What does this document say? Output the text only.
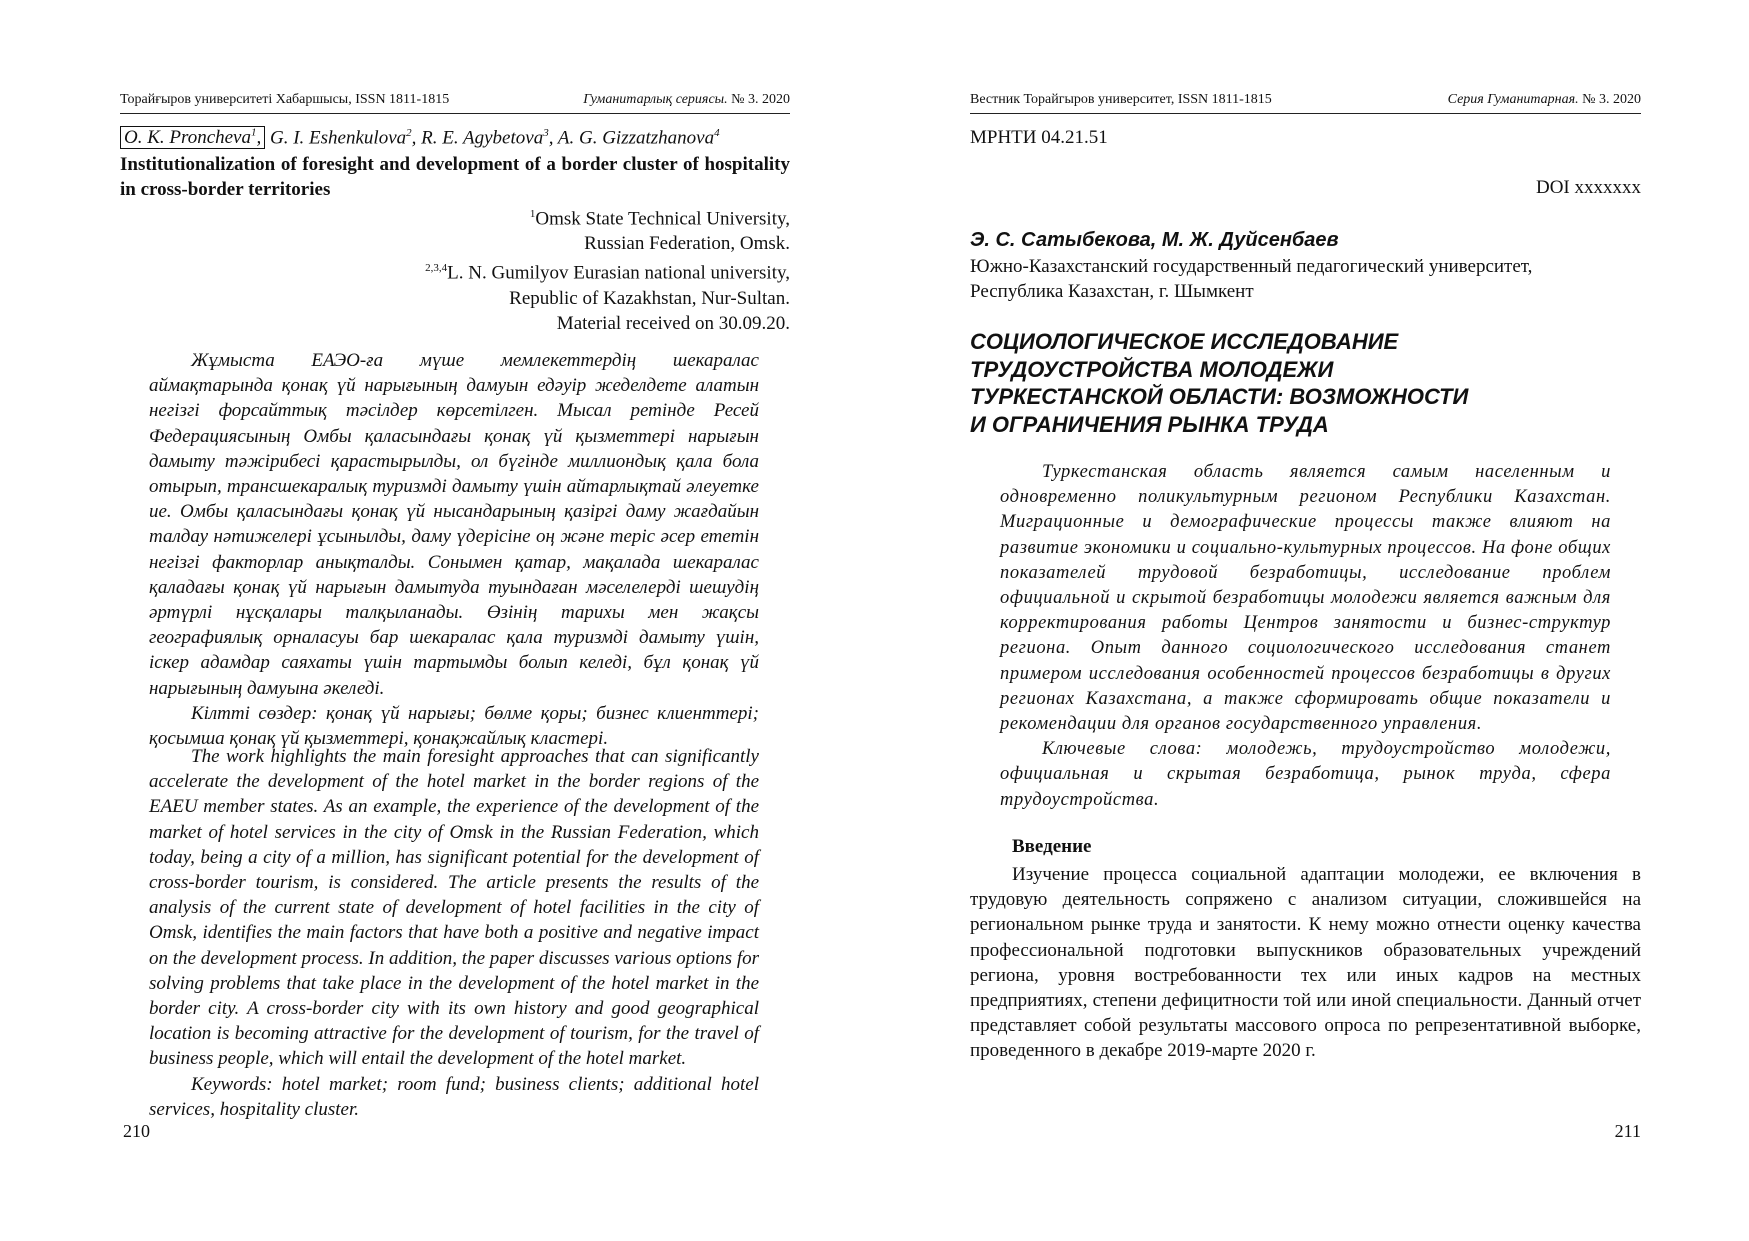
Торайғыров университеті Хабаршысы, ISSN 1811-1815	Гуманитарлық сериясы. № 3. 2020
O. K. Proncheva$^1$, G. I. Eshenkulova$^2$, R. E. Agybetova$^3$, A. G. Gizzatzhanova$^4$
Institutionalization of foresight and development of a border cluster of hospitality in cross-border territories
$^1$Omsk State Technical University,
Russian Federation, Omsk.
$^{2,3,4}$L. N. Gumilyov Eurasian national university,
Republic of Kazakhstan, Nur-Sultan.
Material received on 30.09.20.

Жұмыста ЕАЭО-ға мүше мемлекеттердің шекаралас аймақтарында қонақ үй нарығының дамуын едәуір жеделдете алатын негізгі форсайттық тәсілдер көрсетілген. Мысал ретінде Ресей Федерациясының Омбы қаласындағы қонақ үй қызметтері нарығын дамыту тәжірибесі қарастырылды, ол бүгінде миллиондық қала бола отырып, трансшекаралық туризмді дамыту үшін айтарлықтай әлеуетке ие. Омбы қаласындағы қонақ үй нысандарының қазіргі даму жағдайын талдау нәтижелері ұсынылды, даму үдерісіне оң және теріс әсер ететін негізгі факторлар анықталды. Сонымен қатар, мақалада шекаралас қаладағы қонақ үй нарығын дамытуда туындаған мәселелерді шешудің әртүрлі нұсқалары талқыланады. Өзінің тарихы мен жақсы географиялық орналасуы бар шекаралас қала туризмді дамыту үшін, іскер адамдар саяхаты үшін тартымды болып келеді, бұл қонақ үй нарығының дамуына әкеледі.

Кілтті сөздер: қонақ үй нарығы; бөлме қоры; бизнес клиенттері; қосымша қонақ үй қызметтері, қонақжайлық кластері.

The work highlights the main foresight approaches that can significantly accelerate the development of the hotel market in the border regions of the EAEU member states. As an example, the experience of the development of the market of hotel services in the city of Omsk in the Russian Federation, which today, being a city of a million, has significant potential for the development of cross-border tourism, is considered. The article presents the results of the analysis of the current state of development of hotel facilities in the city of Omsk, identifies the main factors that have both a positive and negative impact on the development process. In addition, the paper discusses various options for solving problems that take place in the development of the hotel market in the border city. A cross-border city with its own history and good geographical location is becoming attractive for the development of tourism, for the travel of business people, which will entail the development of the hotel market.

Keywords: hotel market; room fund; business clients; additional hotel services, hospitality cluster.

210
Вестник Торайгыров университет, ISSN 1811-1815	Серия Гуманитарная. № 3. 2020
МРНТИ 04.21.51
DOI xxxxxxx
Э. С. Сатыбекова, М. Ж. Дуйсенбаев
Южно-Казахстанский государственный педагогический университет,
Республика Казахстан, г. Шымкент
СОЦИОЛОГИЧЕСКОЕ ИССЛЕДОВАНИЕ
ТРУДОУСТРОЙСТВА МОЛОДЕЖИ
ТУРКЕСТАНСКОЙ ОБЛАСТИ: ВОЗМОЖНОСТИ
И ОГРАНИЧЕНИЯ РЫНКА ТРУДА

Туркестанская область является самым населенным и одновременно поликультурным регионом Республики Казахстан. Миграционные и демографические процессы также влияют на развитие экономики и социально-культурных процессов. На фоне общих показателей трудовой безработицы, исследование проблем официальной и скрытой безработицы молодежи является важным для корректирования работы Центров занятости и бизнес-структур региона. Опыт данного социологического исследования станет примером исследования особенностей процессов безработицы в других регионах Казахстана, а также сформировать общие показатели и рекомендации для органов государственного управления.

Ключевые слова: молодежь, трудоустройство молодежи, официальная и скрытая безработица, рынок труда, сфера трудоустройства.

Введение

Изучение процесса социальной адаптации молодежи, ее включения в трудовую деятельность сопряжено с анализом ситуации, сложившейся на региональном рынке труда и занятости. К нему можно отнести оценку качества профессиональной подготовки выпускников образовательных учреждений региона, уровня востребованности тех или иных кадров на местных предприятиях, степени дефицитности той или иной специальности. Данный отчет представляет собой результаты массового опроса по репрезентативной выборке, проведенного в декабре 2019-марте 2020 г.

211
